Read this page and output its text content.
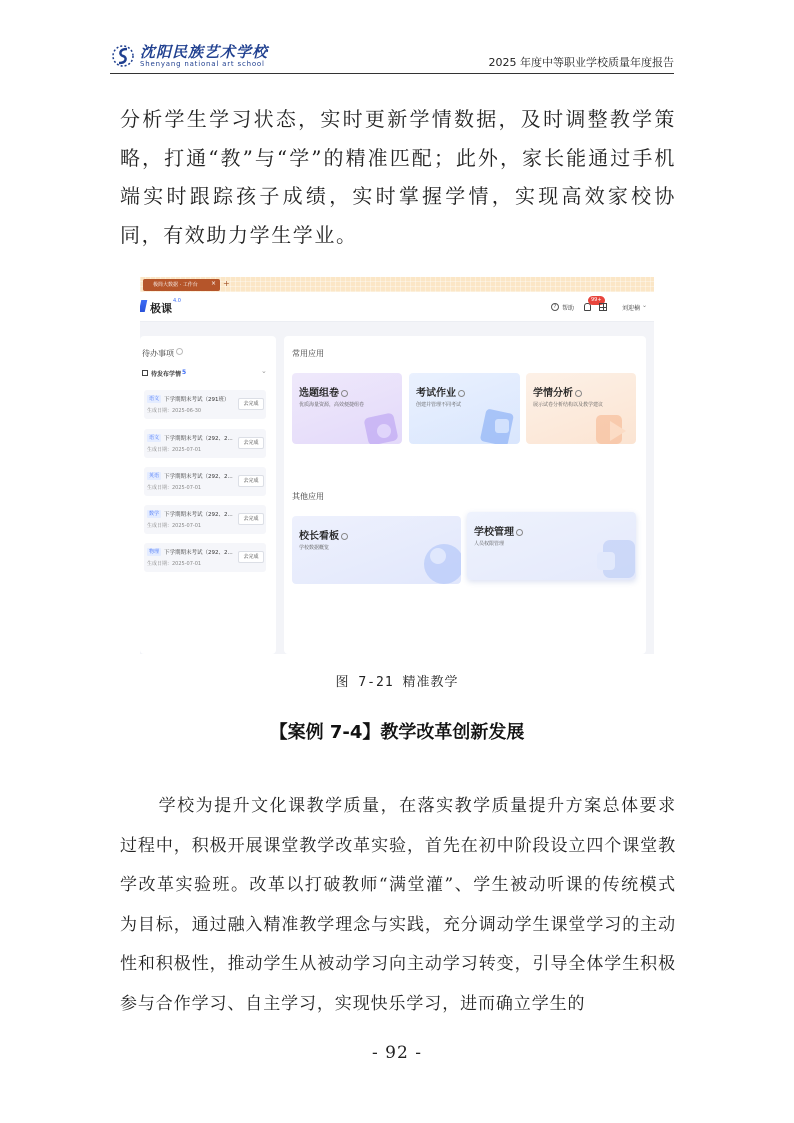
沈阳民族艺术学校
Shenyang national art school	2025 年度中等职业学校质量年度报告

分析学生学习状态，实时更新学情数据，及时调整教学策略，打通“教”与“学”的精准匹配；此外，家长能通过手机端实时跟踪孩子成绩，实时掌握学情，实现高效家校协同，有效助力学生学业。

极简大数据 · 工作台 × +
极课
4.0
? 帮助
99+
刘迎楠 ⌄
待办事项
待发布学情 5	⌄
语文 下学期期末考试（291班）
生成日期：2025-06-30
去完成
语文 下学期期末考试（292、2...
生成日期：2025-07-01
去完成
英语 下学期期末考试（292、2...
生成日期：2025-07-01
去完成
数学 下学期期末考试（292、2...
生成日期：2025-07-01
去完成
物理 下学期期末考试（292、2...
生成日期：2025-07-01
去完成
常用应用
选题组卷
优质海量资源，高效便捷组卷
考试作业
创建并管理不同考试
学情分析
展示试卷分析结构以及教学建议
其他应用
校长看板
学校数据概览
学校管理
人员权限管理
图 7-21 精准教学
【案例 7-4】教学改革创新发展

学校为提升文化课教学质量，在落实教学质量提升方案总体要求过程中，积极开展课堂教学改革实验，首先在初中阶段设立四个课堂教学改革实验班。改革以打破教师“满堂灌”、学生被动听课的传统模式为目标，通过融入精准教学理念与实践，充分调动学生课堂学习的主动性和积极性，推动学生从被动学习向主动学习转变，引导全体学生积极参与合作学习、自主学习，实现快乐学习，进而确立学生的

- 92 -
